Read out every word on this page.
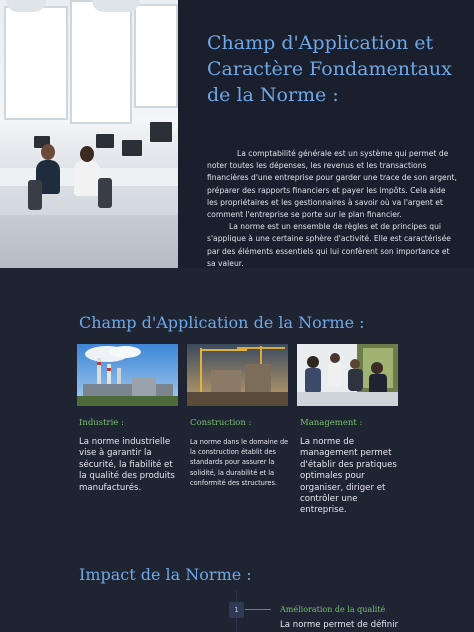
Champ d'Application et Caractère Fondamentaux de la Norme :

La comptabilité générale est un système qui permet de noter toutes les dépenses, les revenus et les transactions financières d'une entreprise pour garder une trace de son argent, préparer des rapports financiers et payer les impôts. Cela aide les propriétaires et les gestionnaires à savoir où va l'argent et comment l'entreprise se porte sur le plan financier.

La norme est un ensemble de règles et de principes qui s'applique à une certaine sphère d'activité. Elle est caractérisée par des éléments essentiels qui lui confèrent son importance et sa valeur.

Champ d'Application de la Norme :
Industrie :
La norme industrielle vise à garantir la sécurité, la fiabilité et la qualité des produits manufacturés.
Construction :
La norme dans le domaine de la construction établit des standards pour assurer la solidité, la durabilité et la conformité des structures.
Management :
La norme de management permet d'établir des pratiques optimales pour organiser, diriger et contrôler une entreprise.
Impact de la Norme :
1	Amélioration de la qualité
La norme permet de définir
